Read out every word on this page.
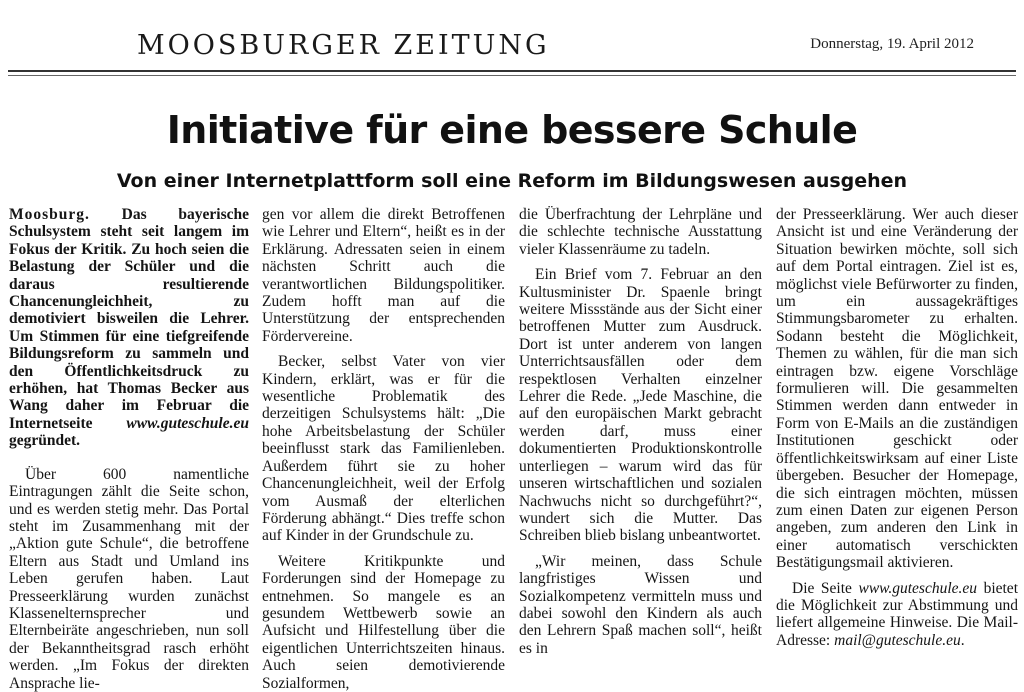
MOOSBURGER ZEITUNG	Donnerstag, 19. April 2012
Initiative für eine bessere Schule
Von einer Internetplattform soll eine Reform im Bildungswesen ausgehen

Moosburg. Das bayerische Schulsystem steht seit langem im Fokus der Kritik. Zu hoch seien die Belastung der Schüler und die daraus resultierende Chancenungleichheit, zu demotiviert bisweilen die Lehrer. Um Stimmen für eine tiefgreifende Bildungsreform zu sammeln und den Öffentlichkeitsdruck zu erhöhen, hat Thomas Becker aus Wang daher im Februar die Internetseite www.guteschule.eu gegründet.

Über 600 namentliche Eintragungen zählt die Seite schon, und es werden stetig mehr. Das Portal steht im Zusammenhang mit der „Aktion gute Schule“, die betroffene Eltern aus Stadt und Umland ins Leben gerufen haben. Laut Presseerklärung wurden zunächst Klassenelternsprecher und Elternbeiräte angeschrieben, nun soll der Bekanntheitsgrad rasch erhöht werden. „Im Fokus der direkten Ansprache lie-

gen vor allem die direkt Betroffenen wie Lehrer und Eltern“, heißt es in der Erklärung. Adressaten seien in einem nächsten Schritt auch die verantwortlichen Bildungspolitiker. Zudem hofft man auf die Unterstützung der entsprechenden Fördervereine.

Becker, selbst Vater von vier Kindern, erklärt, was er für die wesentliche Problematik des derzeitigen Schulsystems hält: „Die hohe Arbeitsbelastung der Schüler beeinflusst stark das Familienleben. Außerdem führt sie zu hoher Chancenungleichheit, weil der Erfolg vom Ausmaß der elterlichen Förderung abhängt.“ Dies treffe schon auf Kinder in der Grundschule zu.

Weitere Kritikpunkte und Forderungen sind der Homepage zu entnehmen. So mangele es an gesundem Wettbewerb sowie an Aufsicht und Hilfestellung über die eigentlichen Unterrichtszeiten hinaus. Auch seien demotivierende Sozialformen,

die Überfrachtung der Lehrpläne und die schlechte technische Ausstattung vieler Klassenräume zu tadeln.

Ein Brief vom 7. Februar an den Kultusminister Dr. Spaenle bringt weitere Missstände aus der Sicht einer betroffenen Mutter zum Ausdruck. Dort ist unter anderem von langen Unterrichtsausfällen oder dem respektlosen Verhalten einzelner Lehrer die Rede. „Jede Maschine, die auf den europäischen Markt gebracht werden darf, muss einer dokumentierten Produktionskontrolle unterliegen – warum wird das für unseren wirtschaftlichen und sozialen Nachwuchs nicht so durchgeführt?“, wundert sich die Mutter. Das Schreiben blieb bislang unbeantwortet.

„Wir meinen, dass Schule langfristiges Wissen und Sozialkompetenz vermitteln muss und dabei sowohl den Kindern als auch den Lehrern Spaß machen soll“, heißt es in

der Presseerklärung. Wer auch dieser Ansicht ist und eine Veränderung der Situation bewirken möchte, soll sich auf dem Portal eintragen. Ziel ist es, möglichst viele Befürworter zu finden, um ein aussagekräftiges Stimmungsbarometer zu erhalten. Sodann besteht die Möglichkeit, Themen zu wählen, für die man sich eintragen bzw. eigene Vorschläge formulieren will. Die gesammelten Stimmen werden dann entweder in Form von E-Mails an die zuständigen Institutionen geschickt oder öffentlichkeitswirksam auf einer Liste übergeben. Besucher der Homepage, die sich eintragen möchten, müssen zum einen Daten zur eigenen Person angeben, zum anderen den Link in einer automatisch verschickten Bestätigungsmail aktivieren.

Die Seite www.guteschule.eu bietet die Möglichkeit zur Abstimmung und liefert allgemeine Hinweise. Die Mail-Adresse: mail@guteschule.eu.
